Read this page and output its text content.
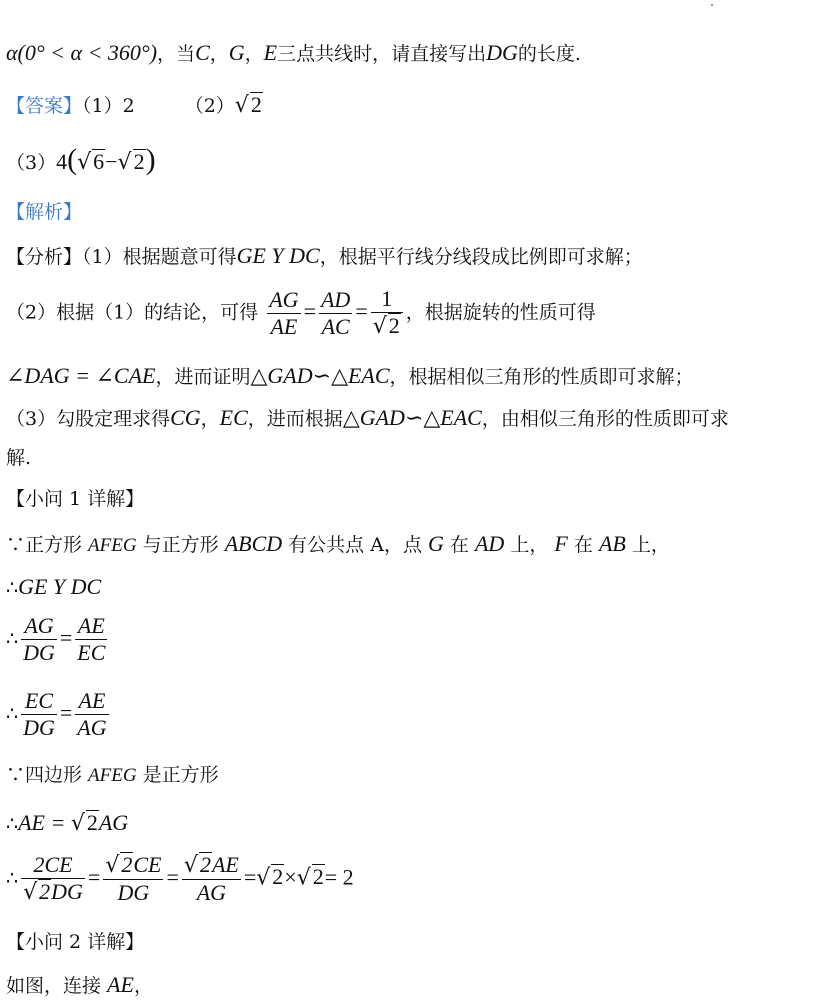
α(0° < α < 360°)，当C，G，E三点共线时，请直接写出DG的长度.
【答案】（1）2	（2）√2
（3）4(√6−√2)
【解析】
【分析】（1）根据题意可得GE Y DC，根据平行线分线段成比例即可求解；
（2）根据（1）的结论，可得 $\frac{AG}{AE} = \frac{AD}{AC} = \frac{1}{√2}$ ，根据旋转的性质可得
∠DAG = ∠CAE，进而证明△GAD∽△EAC，根据相似三角形的性质即可求解；
（3）勾股定理求得CG，EC，进而根据△GAD∽△EAC，由相似三角形的性质即可求
解.
【小问 1 详解】
∵正方形 AFEG 与正方形 ABCD 有公共点 A，点 G 在 AD 上， F 在 AB 上，
∴GE Y DC
∴ $\frac{AG}{DG} = \frac{AE}{EC}$
∴ $\frac{EC}{DG} = \frac{AE}{AG}$
∵四边形 AFEG 是正方形
∴AE = √2AG
∴ $\frac{2CE}{√2DG} = \frac{√2CE}{DG} = \frac{√2AE}{AG} =√2\times√2= 2$
【小问 2 详解】
如图，连接 AE，
